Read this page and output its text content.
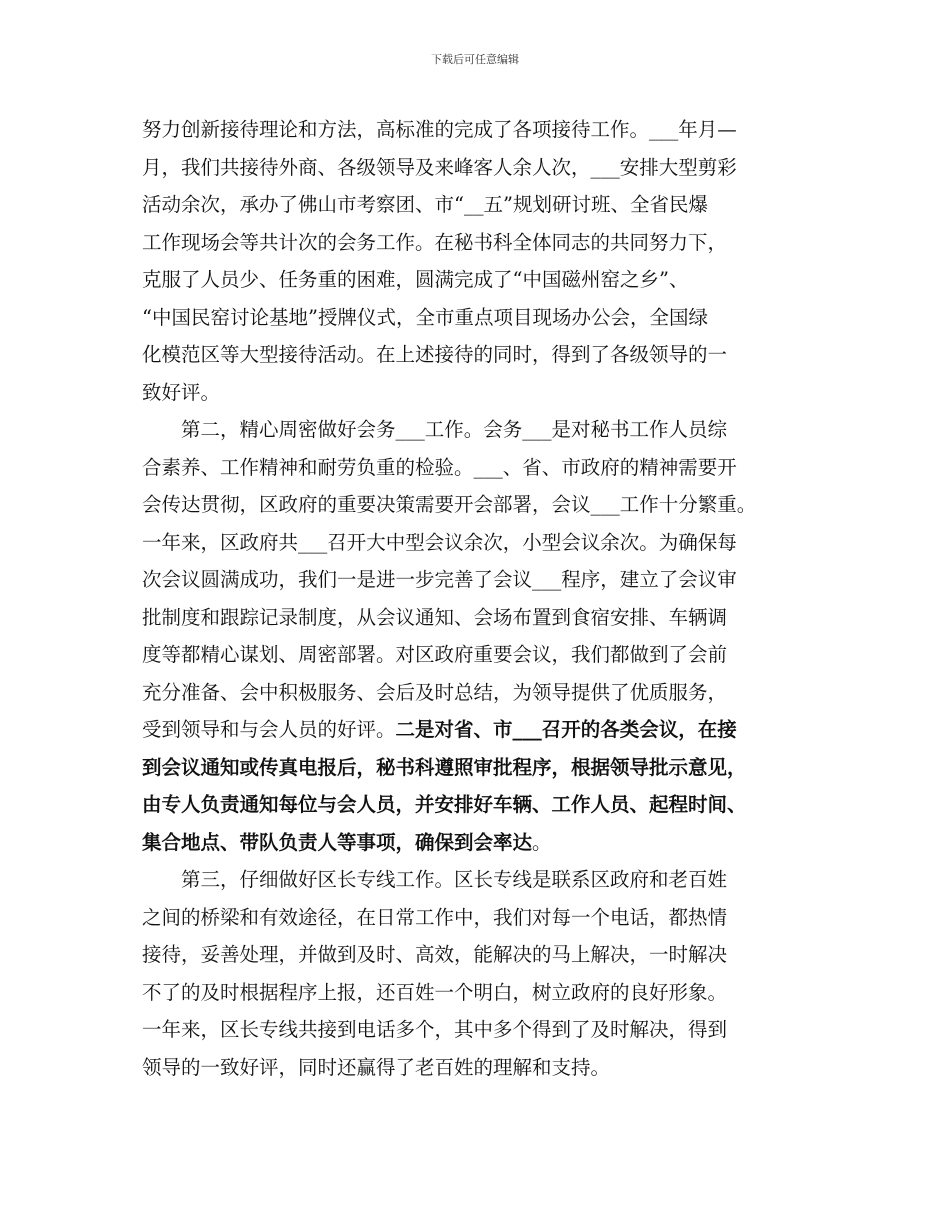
下载后可任意编辑
努力创新接待理论和方法，高标准的完成了各项接待工作。___年月—
月，我们共接待外商、各级领导及来峰客人余人次，___安排大型剪彩
活动余次，承办了佛山市考察团、市“__五”规划研讨班、全省民爆
工作现场会等共计次的会务工作。在秘书科全体同志的共同努力下，
克服了人员少、任务重的困难，圆满完成了“中国磁州窑之乡”、
“中国民窑讨论基地”授牌仪式，全市重点项目现场办公会，全国绿
化模范区等大型接待活动。在上述接待的同时，得到了各级领导的一
致好评。
第二，精心周密做好会务___工作。会务___是对秘书工作人员综
合素养、工作精神和耐劳负重的检验。___、省、市政府的精神需要开
会传达贯彻，区政府的重要决策需要开会部署，会议___工作十分繁重。
一年来，区政府共___召开大中型会议余次，小型会议余次。为确保每
次会议圆满成功，我们一是进一步完善了会议___程序，建立了会议审
批制度和跟踪记录制度，从会议通知、会场布置到食宿安排、车辆调
度等都精心谋划、周密部署。对区政府重要会议，我们都做到了会前
充分准备、会中积极服务、会后及时总结，为领导提供了优质服务，
受到领导和与会人员的好评。二是对省、市___召开的各类会议，在接
到会议通知或传真电报后，秘书科遵照审批程序，根据领导批示意见，
由专人负责通知每位与会人员，并安排好车辆、工作人员、起程时间、
集合地点、带队负责人等事项，确保到会率达。
第三，仔细做好区长专线工作。区长专线是联系区政府和老百姓
之间的桥梁和有效途径，在日常工作中，我们对每一个电话，都热情
接待，妥善处理，并做到及时、高效，能解决的马上解决，一时解决
不了的及时根据程序上报，还百姓一个明白，树立政府的良好形象。
一年来，区长专线共接到电话多个，其中多个得到了及时解决，得到
领导的一致好评，同时还赢得了老百姓的理解和支持。
